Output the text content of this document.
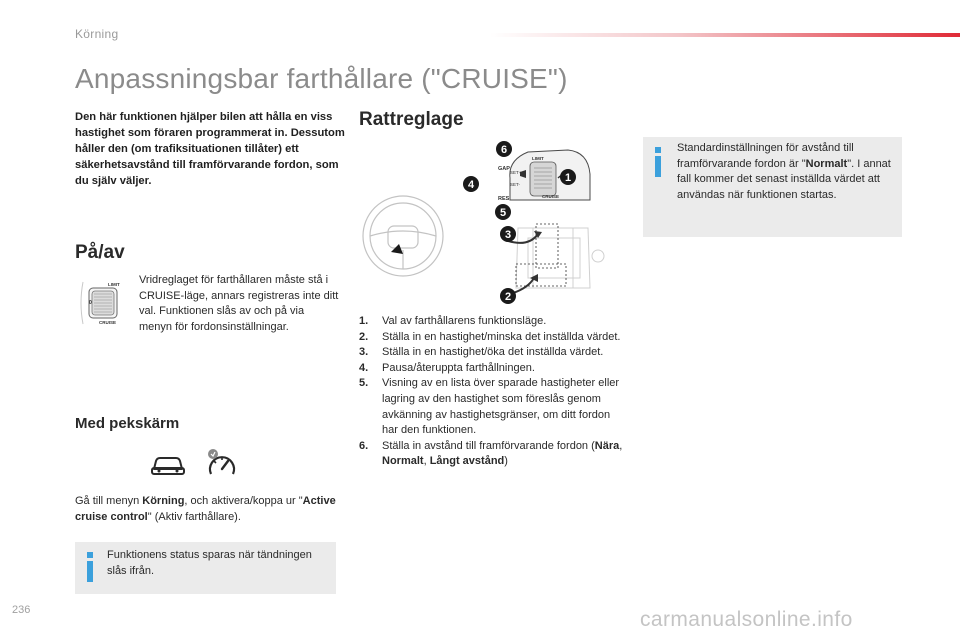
Körning
Anpassningsbar farthållare ("CRUISE")

Den här funktionen hjälper bilen att hålla en viss hastighet som föraren programmerat in. Dessutom håller den (om trafiksituationen tillåter) ett säkerhetsavstånd till framförvarande fordon, som du själv väljer.

På/av
LIMIT
0
CRUISE

Vridreglaget för farthållaren måste stå i CRUISE-läge, annars registreras inte ditt val. Funktionen slås av och på via menyn för fordonsinställningar.

Med pekskärm

Gå till menyn Körning, och aktivera/koppa ur "Active cruise control" (Aktiv farthållare).

Funktionens status sparas när tändningen slås ifrån.

Rattreglage
GAP
LIMIT
SET+
SET-
RES	CRUISE
6
4
5
3
1
2
1.	Val av farthållarens funktionsläge.
2.	Ställa in en hastighet/minska det inställda värdet.
3.	Ställa in en hastighet/öka det inställda värdet.
4.	Pausa/återuppta farthållningen.
5.	Visning av en lista över sparade hastigheter eller lagring av den hastighet som föreslås genom avkänning av hastighetsgränser, om ditt fordon har den funktionen.
6.	Ställa in avstånd till framförvarande fordon (Nära, Normalt, Långt avstånd)

Standardinställningen för avstånd till framförvarande fordon är "Normalt". I annat fall kommer det senast inställda värdet att användas när funktionen startas.

236	carmanualsonline.info
